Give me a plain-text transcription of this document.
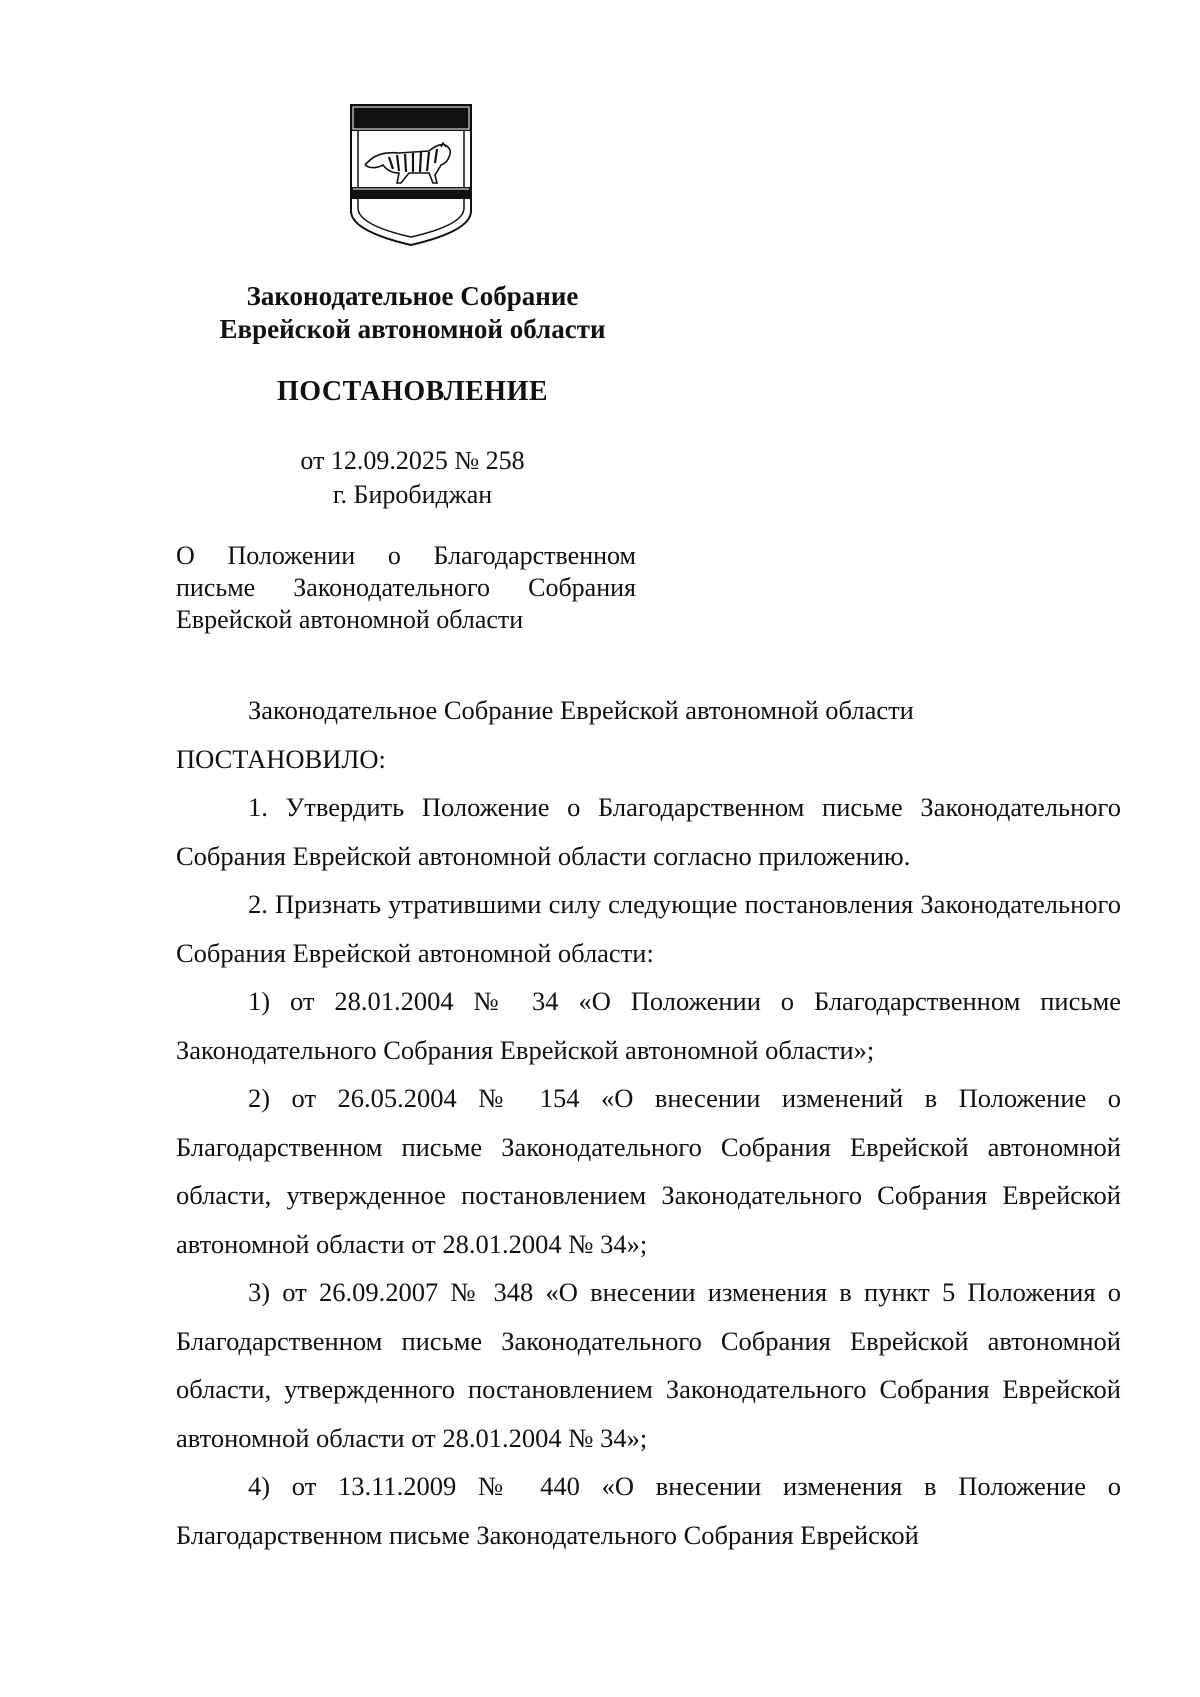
Законодательное Собрание

Еврейской автономной области

ПОСТАНОВЛЕНИЕ

от 12.09.2025 № 258
г. Биробиджан
О Положении о Благодарственном письме Законодательного Собрания Еврейской автономной области

Законодательное Собрание Еврейской автономной области

ПОСТАНОВИЛО:

1. Утвердить Положение о Благодарственном письме Законодательного Собрания Еврейской автономной области согласно приложению.

2. Признать утратившими силу следующие постановления Законодательного Собрания Еврейской автономной области:

1) от 28.01.2004 № 34 «О Положении о Благодарственном письме Законодательного Собрания Еврейской автономной области»;

2) от 26.05.2004 № 154 «О внесении изменений в Положение о Благодарственном письме Законодательного Собрания Еврейской автономной области, утвержденное постановлением Законодательного Собрания Еврейской автономной области от 28.01.2004 № 34»;

3) от 26.09.2007 № 348 «О внесении изменения в пункт 5 Положения о Благодарственном письме Законодательного Собрания Еврейской автономной области, утвержденного постановлением Законодательного Собрания Еврейской автономной области от 28.01.2004 № 34»;

4) от 13.11.2009 № 440 «О внесении изменения в Положение о Благодарственном письме Законодательного Собрания Еврейской
